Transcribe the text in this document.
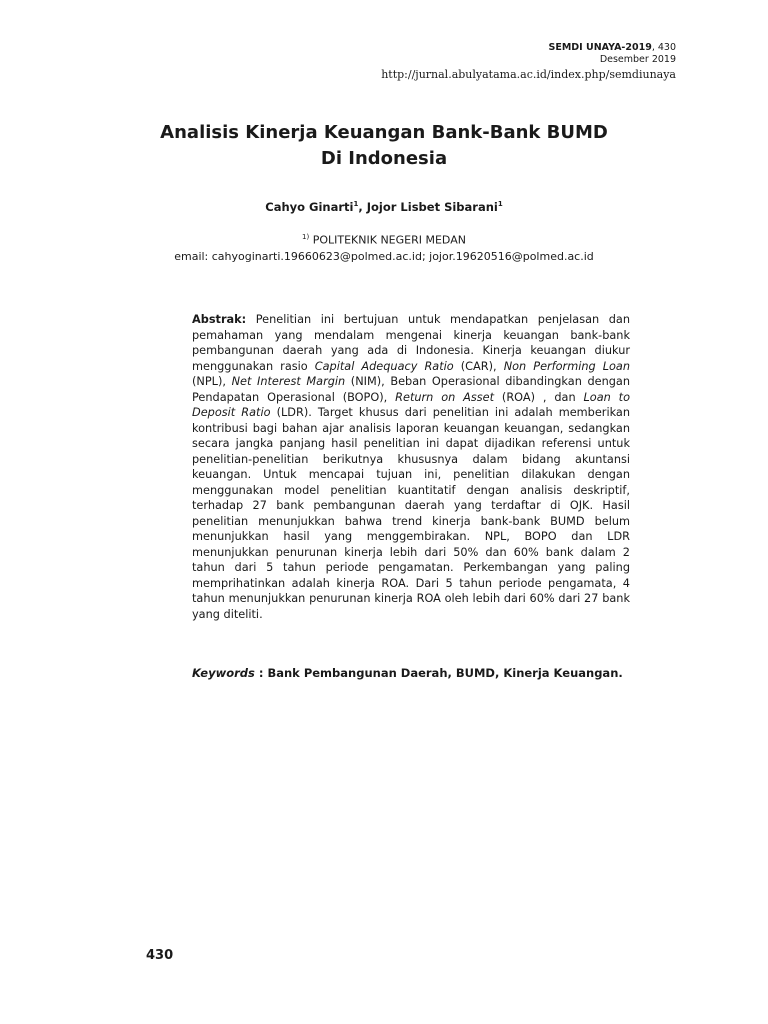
SEMDI UNAYA-2019, 430
Desember 2019
http://jurnal.abulyatama.ac.id/index.php/semdiunaya
Analisis Kinerja Keuangan Bank-Bank BUMD Di Indonesia
Cahyo Ginarti$^1$, Jojor Lisbet Sibarani$^1$
$^{1)}$ POLITEKNIK NEGERI MEDAN
email: cahyoginarti.19660623@polmed.ac.id; jojor.19620516@polmed.ac.id
Abstrak: Penelitian ini bertujuan untuk mendapatkan penjelasan dan pemahaman yang mendalam mengenai kinerja keuangan bank-bank pembangunan daerah yang ada di Indonesia. Kinerja keuangan diukur menggunakan rasio Capital Adequacy Ratio (CAR), Non Performing Loan (NPL), Net Interest Margin (NIM), Beban Operasional dibandingkan dengan Pendapatan Operasional (BOPO), Return on Asset (ROA) , dan Loan to Deposit Ratio (LDR). Target khusus dari penelitian ini adalah memberikan kontribusi bagi bahan ajar analisis laporan keuangan keuangan, sedangkan secara jangka panjang hasil penelitian ini dapat dijadikan referensi untuk penelitian-penelitian berikutnya khususnya dalam bidang akuntansi keuangan. Untuk mencapai tujuan ini, penelitian dilakukan dengan menggunakan model penelitian kuantitatif dengan analisis deskriptif, terhadap 27 bank pembangunan daerah yang terdaftar di OJK. Hasil penelitian menunjukkan bahwa trend kinerja bank-bank BUMD belum menunjukkan hasil yang menggembirakan. NPL, BOPO dan LDR menunjukkan penurunan kinerja lebih dari 50% dan 60% bank dalam 2 tahun dari 5 tahun periode pengamatan. Perkembangan yang paling memprihatinkan adalah kinerja ROA. Dari 5 tahun periode pengamata, 4 tahun menunjukkan penurunan kinerja ROA oleh lebih dari 60% dari 27 bank yang diteliti.
Keywords : Bank Pembangunan Daerah, BUMD, Kinerja Keuangan.
430
